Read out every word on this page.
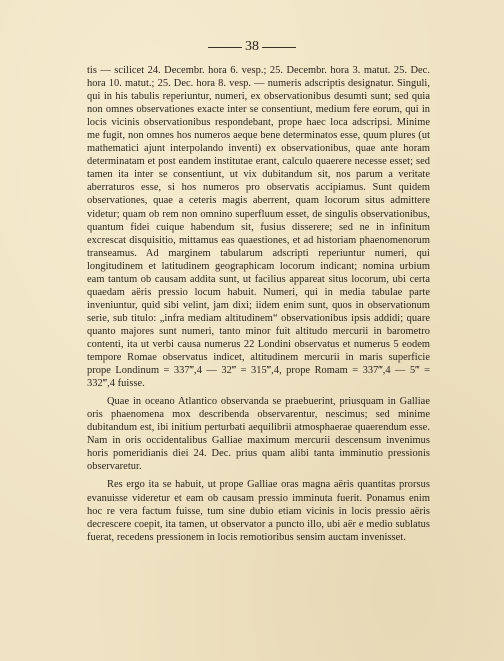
38

tis — scilicet 24. Decembr. hora 6. vesp.; 25. Decembr. hora 3. matut. 25. Dec. hora 10. matut.; 25. Dec. hora 8. vesp. — numeris adscriptis designatur. Singuli, qui in his tabulis reperiuntur, numeri, ex observationibus desumti sunt; sed quia non omnes observationes exacte inter se consentiunt, medium fere eorum, qui in locis vicinis observationibus respondebant, prope haec loca adscripsi. Minime me fugit, non omnes hos numeros aeque bene determinatos esse, quum plures (ut mathematici ajunt interpolando inventi) ex observationibus, quae ante horam determinatam et post eandem institutae erant, calculo quaerere necesse esset; sed tamen ita inter se consentiunt, ut vix dubitandum sit, nos parum a veritate aberraturos esse, si hos numeros pro observatis accipiamus. Sunt quidem observationes, quae a ceteris magis aberrent, quam locorum situs admittere videtur; quam ob rem non omnino superfluum esset, de singulis observationibus, quantum fidei cuique habendum sit, fusius disserere; sed ne in infinitum excrescat disquisitio, mittamus eas quaestiones, et ad historiam phaenomenorum transeamus. Ad marginem tabularum adscripti reperiuntur numeri, qui longitudinem et latitudinem geographicam locorum indicant; nomina urbium eam tantum ob causam addita sunt, ut facilius appareat situs locorum, ubi certa quaedam aëris pressio locum habuit. Numeri, qui in media tabulae parte inveniuntur, quid sibi velint, jam dixi; iidem enim sunt, quos in observationum serie, sub titulo: „infra mediam altitudinem“ observationibus ipsis addidi; quare quanto majores sunt numeri, tanto minor fuit altitudo mercurii in barometro contenti, ita ut verbi causa numerus 22 Londini observatus et numerus 5 eodem tempore Romae observatus indicet, altitudinem mercurii in maris superficie prope Londinum = 337‴,4 — 32‴ = 315‴,4, prope Romam = 337‴,4 — 5‴ = 332‴,4 fuisse.

Quae in oceano Atlantico observanda se praebuerint, priusquam in Galliae oris phaenomena mox describenda observarentur, nescimus; sed minime dubitandum est, ibi initium perturbati aequilibrii atmosphaerae quaerendum esse. Nam in oris occidentalibus Galliae maximum mercurii descensum invenimus horis pomeridianis diei 24. Dec. prius quam alibi tanta imminutio pressionis observaretur.

Res ergo ita se habuit, ut prope Galliae oras magna aëris quantitas prorsus evanuisse videretur et eam ob causam pressio imminuta fuerit. Ponamus enim hoc re vera factum fuisse, tum sine dubio etiam vicinis in locis pressio aëris decrescere coepit, ita tamen, ut observator a puncto illo, ubi aër e medio sublatus fuerat, recedens pressionem in locis remotioribus sensim auctam invenisset.
